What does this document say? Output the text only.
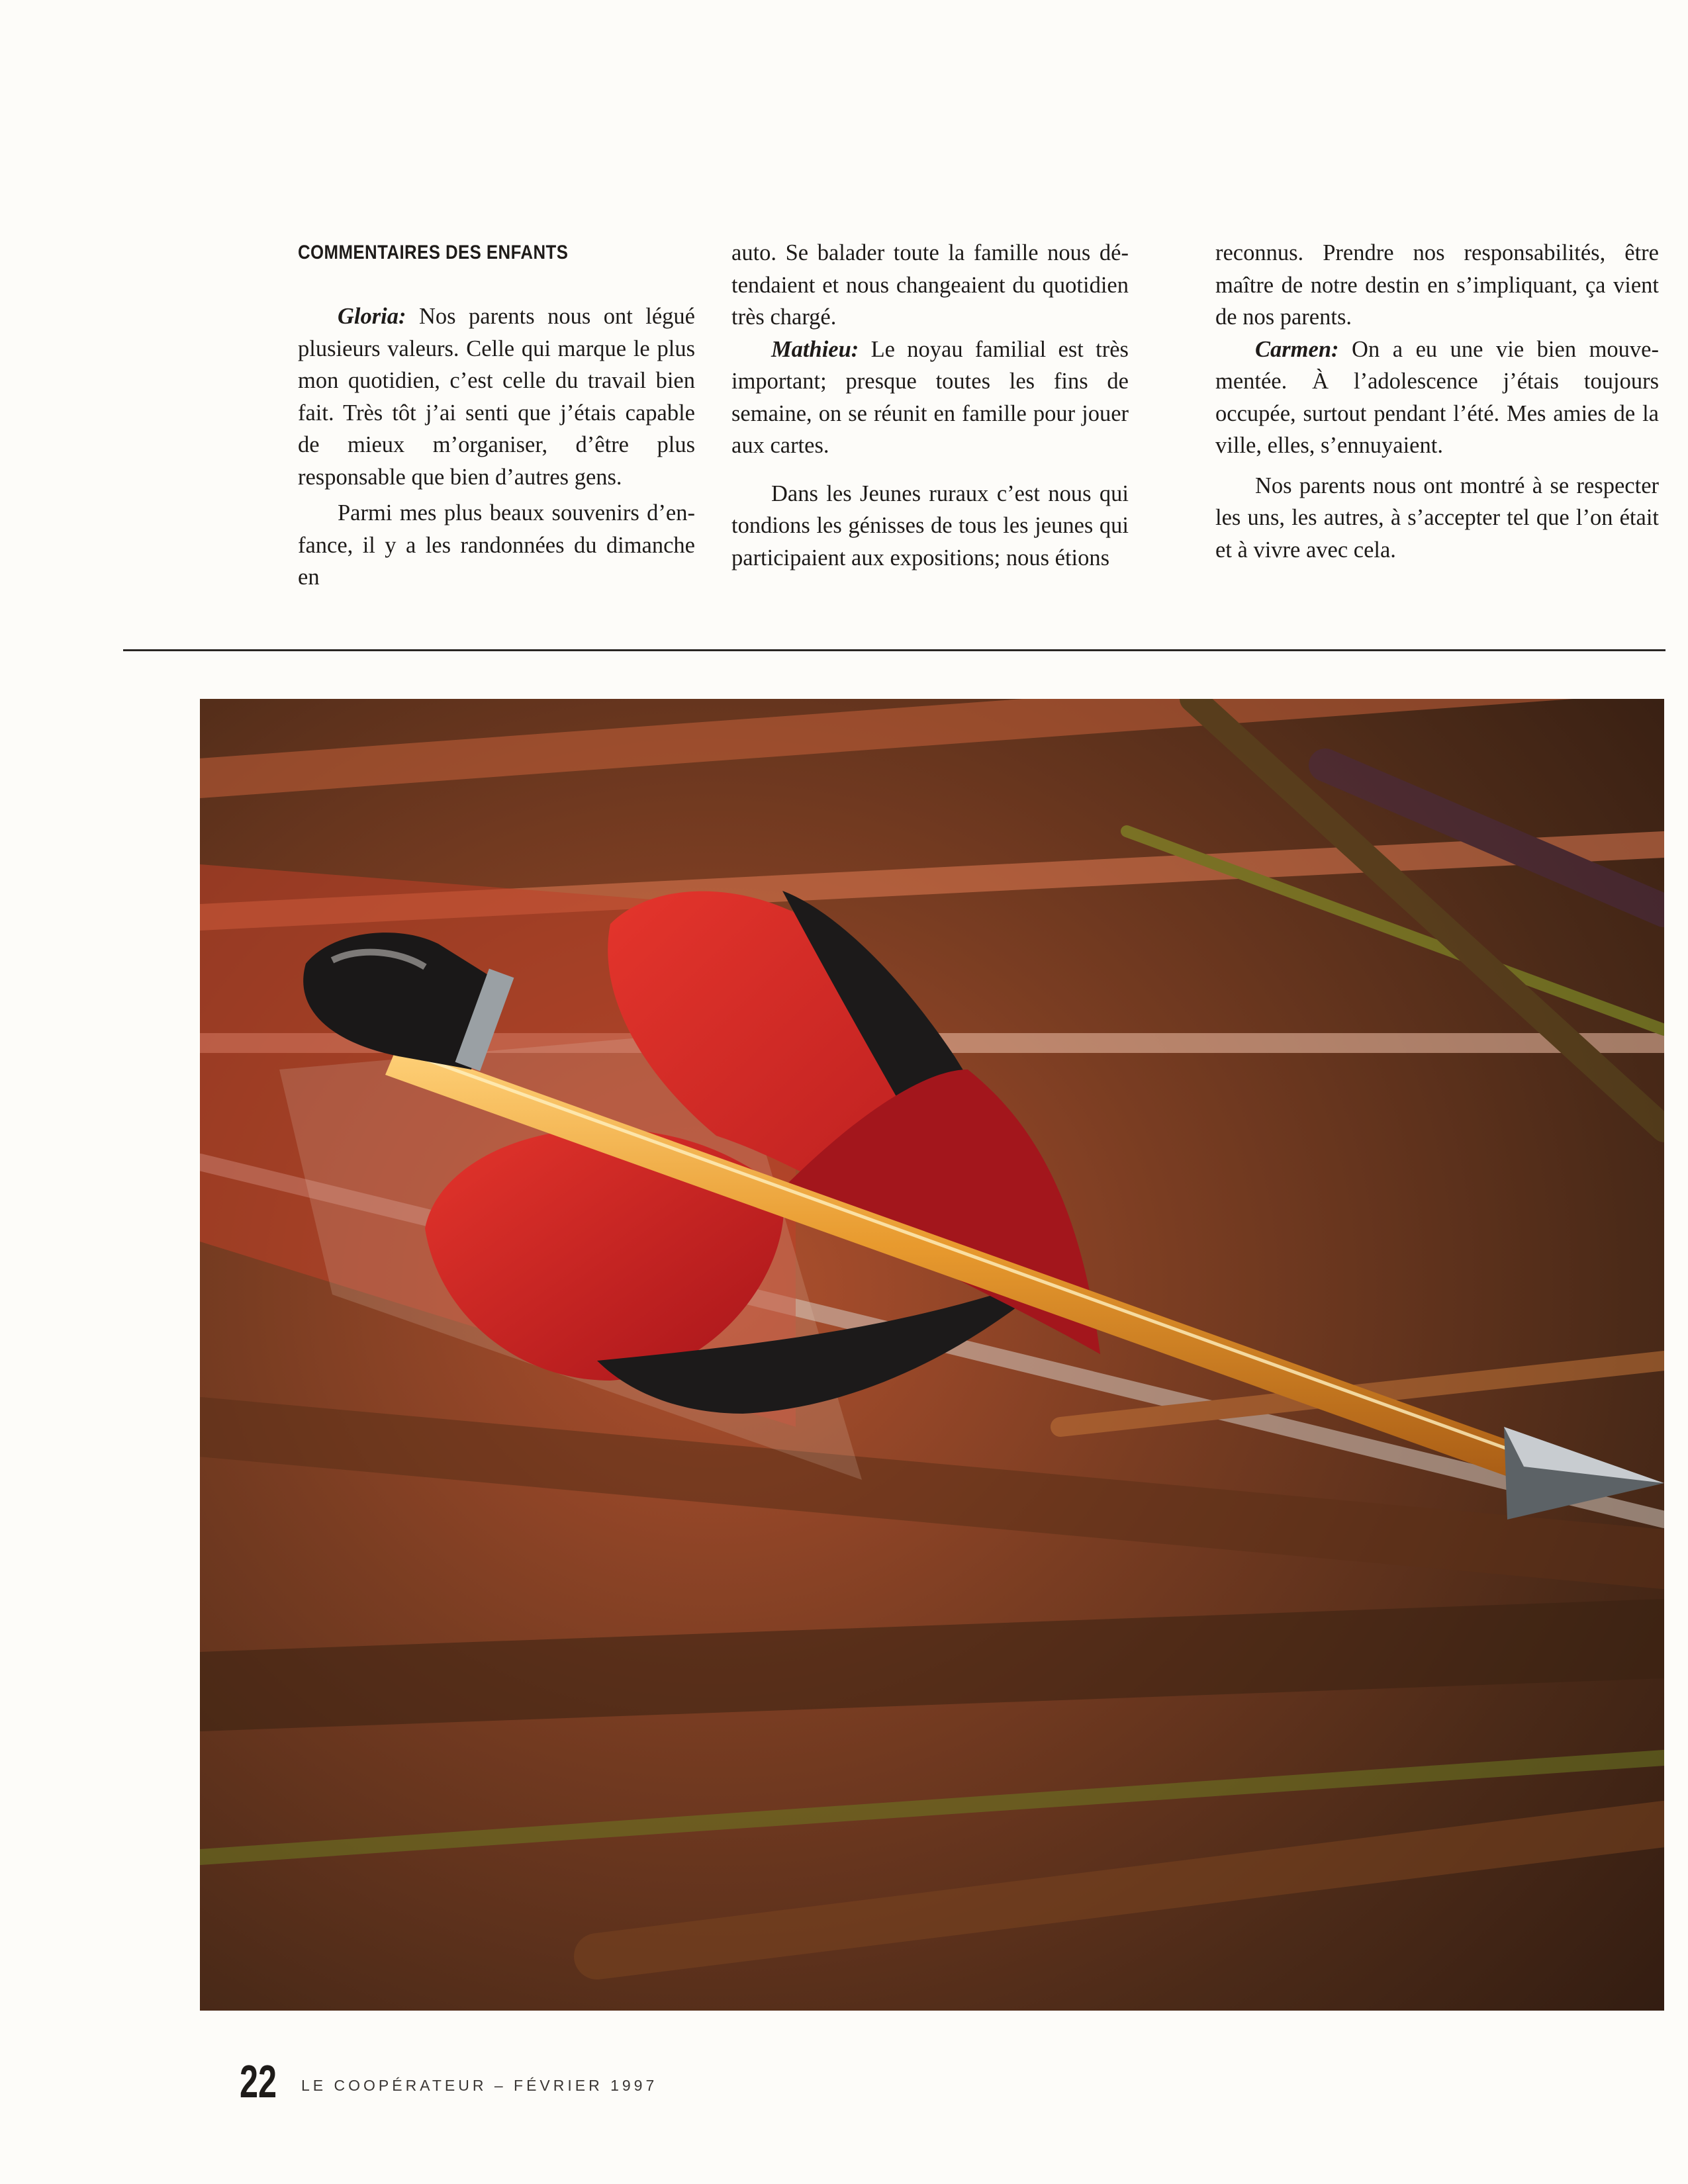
COMMENTAIRES DES ENFANTS

Gloria: Nos parents nous ont légué plusieurs valeurs. Celle qui marque le plus mon quotidien, c’est celle du travail bien fait. Très tôt j’ai senti que j’étais capable de mieux m’organiser, d’être plus responsable que bien d’autres gens.

Parmi mes plus beaux souvenirs d’enfance, il y a les randonnées du dimanche en

auto. Se balader toute la famille nous détendaient et nous changeaient du quotidien très chargé.

Mathieu: Le noyau familial est très important; presque toutes les fins de semaine, on se réunit en famille pour jouer aux cartes.

Dans les Jeunes ruraux c’est nous qui tondions les génisses de tous les jeunes qui participaient aux expositions; nous étions

reconnus. Prendre nos responsabilités, être maître de notre destin en s’impliquant, ça vient de nos parents.

Carmen: On a eu une vie bien mouvementée. À l’adolescence j’étais toujours occupée, surtout pendant l’été. Mes amies de la ville, elles, s’ennuyaient.

Nos parents nous ont montré à se respecter les uns, les autres, à s’accepter tel que l’on était et à vivre avec cela.

22 LE COOPÉRATEUR – FÉVRIER 1997
